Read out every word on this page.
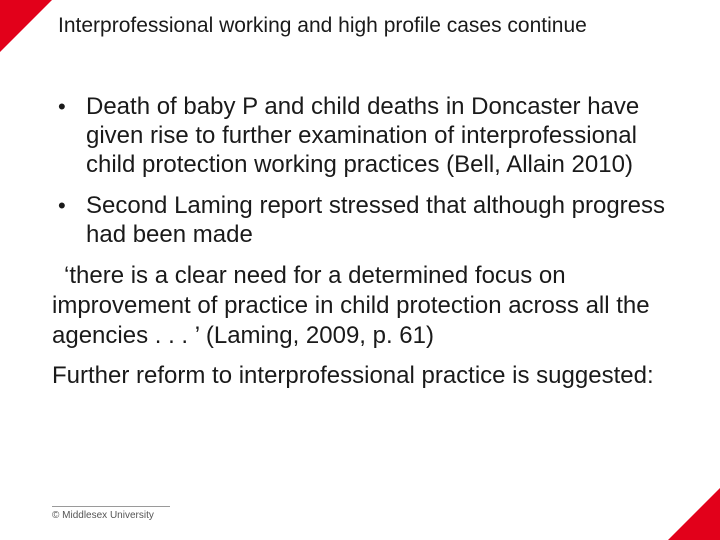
Interprofessional working and high profile cases continue
• Death of baby P and child deaths in Doncaster have given rise to further examination of interprofessional child protection working practices (Bell, Allain 2010)
• Second Laming report stressed that although progress had been made

‘there is a clear need for a determined focus on improvement of practice in child protection across all the agencies . . . ’ (Laming, 2009, p. 61)

Further reform to interprofessional practice is suggested:

© Middlesex University
